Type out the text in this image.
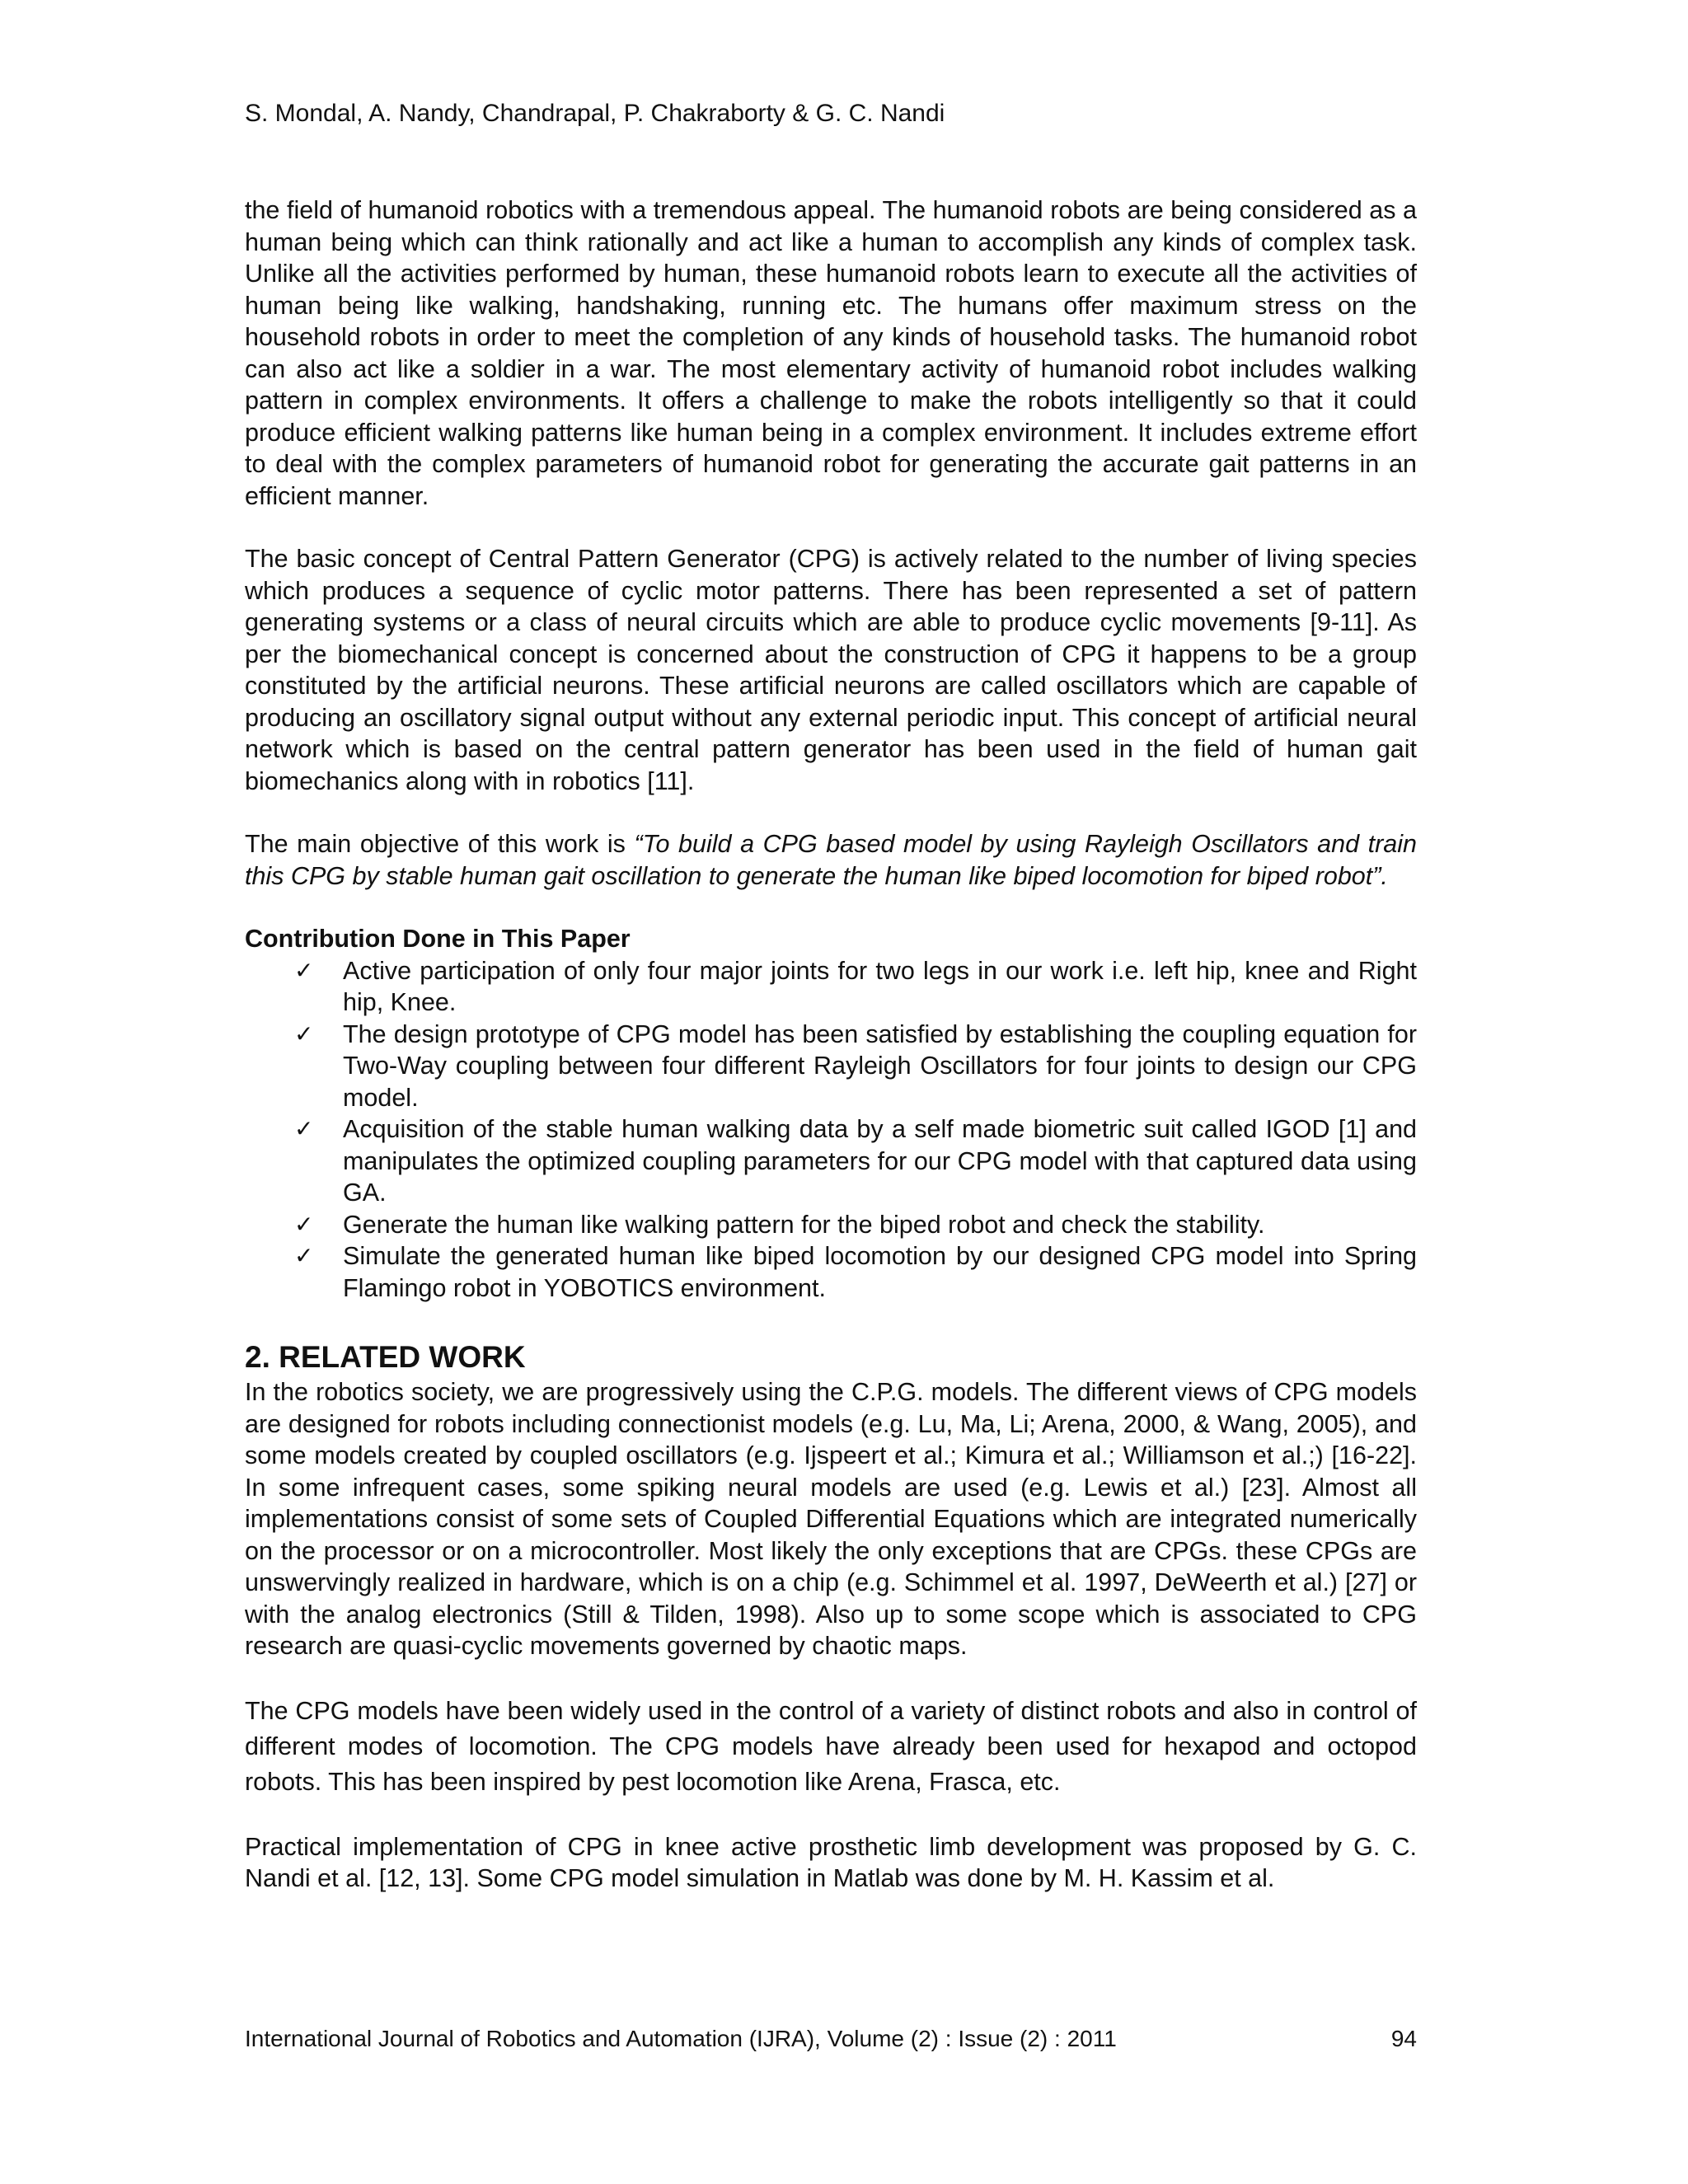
S. Mondal, A. Nandy, Chandrapal, P. Chakraborty & G. C. Nandi

the field of humanoid robotics with a tremendous appeal. The humanoid robots are being considered as a human being which can think rationally and act like a human to accomplish any kinds of complex task. Unlike all the activities performed by human, these humanoid robots learn to execute all the activities of human being like walking, handshaking, running etc. The humans offer maximum stress on the household robots in order to meet the completion of any kinds of household tasks. The humanoid robot can also act like a soldier in a war. The most elementary activity of humanoid robot includes walking pattern in complex environments. It offers a challenge to make the robots intelligently so that it could produce efficient walking patterns like human being in a complex environment. It includes extreme effort to deal with the complex parameters of humanoid robot for generating the accurate gait patterns in an efficient manner.

The basic concept of Central Pattern Generator (CPG) is actively related to the number of living species which produces a sequence of cyclic motor patterns. There has been represented a set of pattern generating systems or a class of neural circuits which are able to produce cyclic movements [9-11]. As per the biomechanical concept is concerned about the construction of CPG it happens to be a group constituted by the artificial neurons. These artificial neurons are called oscillators which are capable of producing an oscillatory signal output without any external periodic input. This concept of artificial neural network which is based on the central pattern generator has been used in the field of human gait biomechanics along with in robotics [11].

The main objective of this work is “To build a CPG based model by using Rayleigh Oscillators and train this CPG by stable human gait oscillation to generate the human like biped locomotion for biped robot”.

Contribution Done in This Paper
✓ Active participation of only four major joints for two legs in our work i.e. left hip, knee and Right hip, Knee.
✓ The design prototype of CPG model has been satisfied by establishing the coupling equation for Two-Way coupling between four different Rayleigh Oscillators for four joints to design our CPG model.
✓ Acquisition of the stable human walking data by a self made biometric suit called IGOD [1] and manipulates the optimized coupling parameters for our CPG model with that captured data using GA.
✓ Generate the human like walking pattern for the biped robot and check the stability.
✓ Simulate the generated human like biped locomotion by our designed CPG model into Spring Flamingo robot in YOBOTICS environment.
2. RELATED WORK

In the robotics society, we are progressively using the C.P.G. models. The different views of CPG models are designed for robots including connectionist models (e.g. Lu, Ma, Li; Arena, 2000, & Wang, 2005), and some models created by coupled oscillators (e.g. Ijspeert et al.; Kimura et al.; Williamson et al.;) [16-22]. In some infrequent cases, some spiking neural models are used (e.g. Lewis et al.) [23]. Almost all implementations consist of some sets of Coupled Differential Equations which are integrated numerically on the processor or on a microcontroller. Most likely the only exceptions that are CPGs. these CPGs are unswervingly realized in hardware, which is on a chip (e.g. Schimmel et al. 1997, DeWeerth et al.) [27] or with the analog electronics (Still & Tilden, 1998). Also up to some scope which is associated to CPG research are quasi-cyclic movements governed by chaotic maps.

The CPG models have been widely used in the control of a variety of distinct robots and also in control of different modes of locomotion. The CPG models have already been used for hexapod and octopod robots. This has been inspired by pest locomotion like Arena, Frasca, etc.

Practical implementation of CPG in knee active prosthetic limb development was proposed by G. C. Nandi et al. [12, 13]. Some CPG model simulation in Matlab was done by M. H. Kassim et al.

International Journal of Robotics and Automation (IJRA), Volume (2) : Issue (2) : 2011	94
